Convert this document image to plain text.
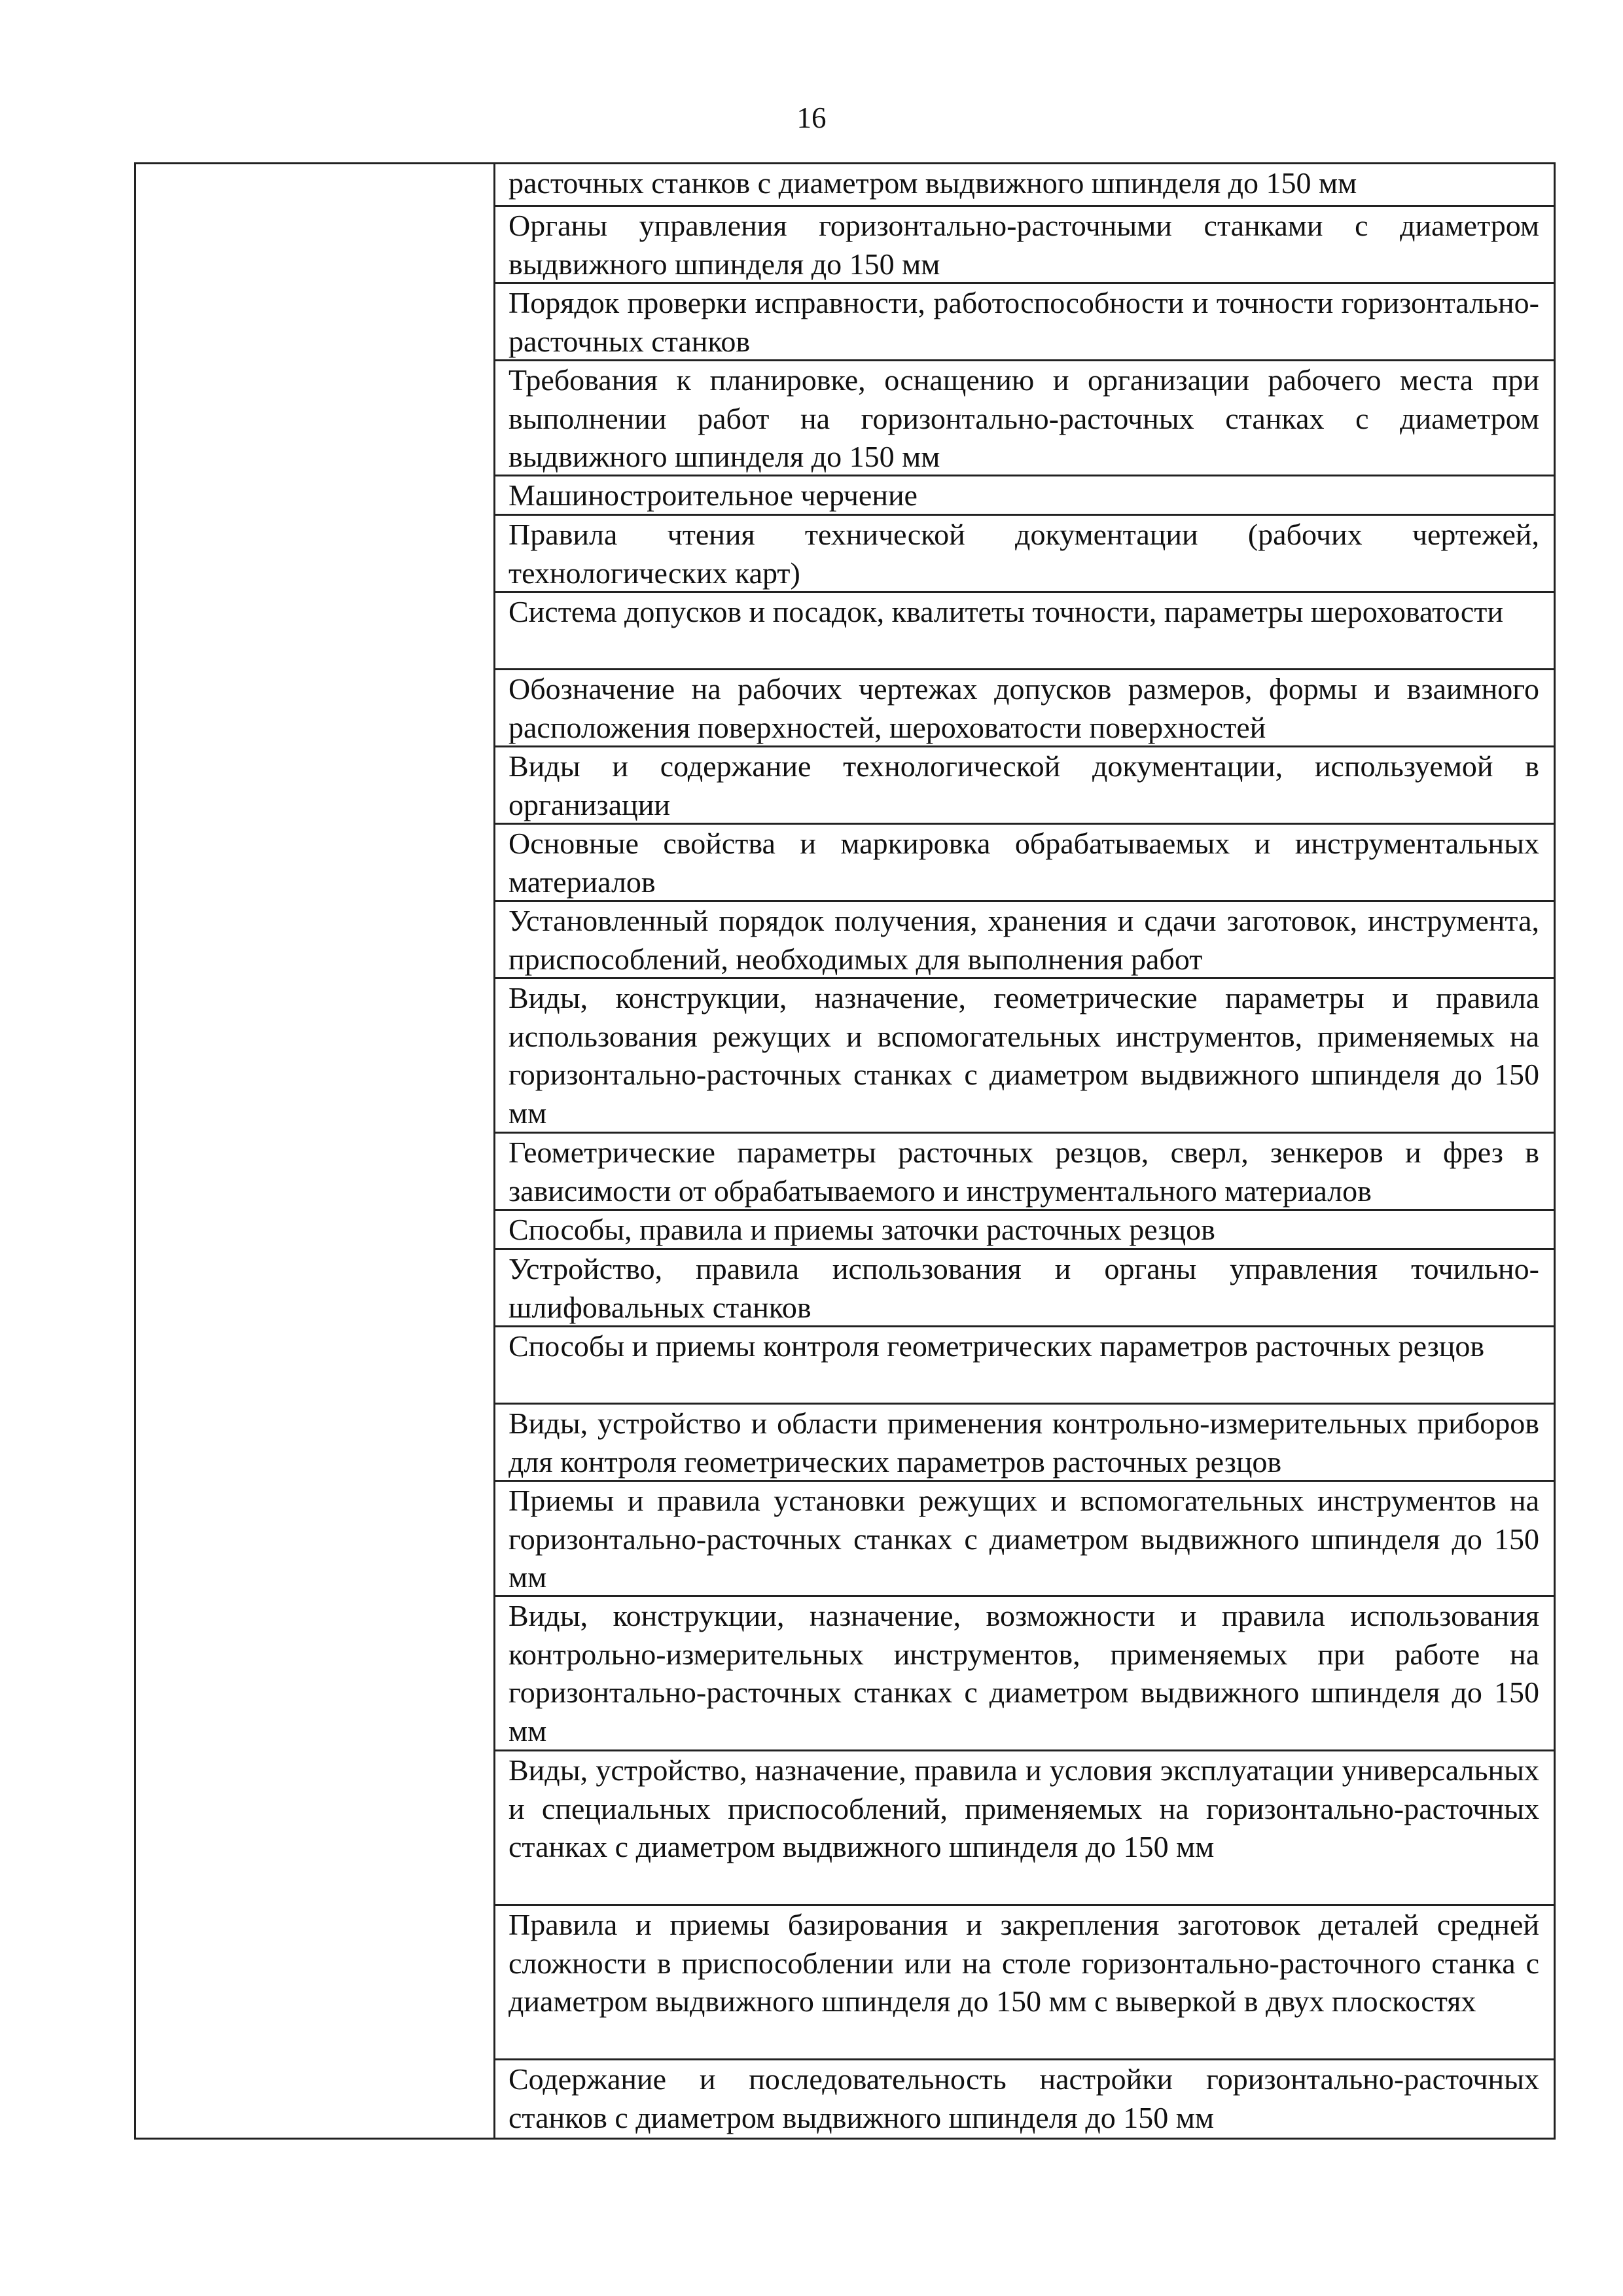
16

расточных станков с диаметром выдвижного шпинделя до 150 мм
Органы управления горизонтально-расточными станками с диаметром выдвижного шпинделя до 150 мм
Порядок проверки исправности, работоспособности и точности горизонтально-расточных станков
Требования к планировке, оснащению и организации рабочего места при выполнении работ на горизонтально-расточных станках с диаметром выдвижного шпинделя до 150 мм
Машиностроительное черчение
Правила чтения технической документации (рабочих чертежей, технологических карт)
Система допусков и посадок, квалитеты точности, параметры шероховатости
Обозначение на рабочих чертежах допусков размеров, формы и взаимного расположения поверхностей, шероховатости поверхностей
Виды и содержание технологической документации, используемой в организации
Основные свойства и маркировка обрабатываемых и инструментальных материалов
Установленный порядок получения, хранения и сдачи заготовок, инструмента, приспособлений, необходимых для выполнения работ
Виды, конструкции, назначение, геометрические параметры и правила использования режущих и вспомогательных инструментов, применяемых на горизонтально-расточных станках с диаметром выдвижного шпинделя до 150 мм
Геометрические параметры расточных резцов, сверл, зенкеров и фрез в зависимости от обрабатываемого и инструментального материалов
Способы, правила и приемы заточки расточных резцов
Устройство, правила использования и органы управления точильно-шлифовальных станков
Способы и приемы контроля геометрических параметров расточных резцов
Виды, устройство и области применения контрольно-измерительных приборов для контроля геометрических параметров расточных резцов
Приемы и правила установки режущих и вспомогательных инструментов на горизонтально-расточных станках с диаметром выдвижного шпинделя до 150 мм
Виды, конструкции, назначение, возможности и правила использования контрольно-измерительных инструментов, применяемых при работе на горизонтально-расточных станках с диаметром выдвижного шпинделя до 150 мм
Виды, устройство, назначение, правила и условия эксплуатации универсальных и специальных приспособлений, применяемых на горизонтально-расточных станках с диаметром выдвижного шпинделя до 150 мм
Правила и приемы базирования и закрепления заготовок деталей средней сложности в приспособлении или на столе горизонтально-расточного станка с диаметром выдвижного шпинделя до 150 мм с выверкой в двух плоскостях
Содержание и последовательность настройки горизонтально-расточных станков с диаметром выдвижного шпинделя до 150 мм
